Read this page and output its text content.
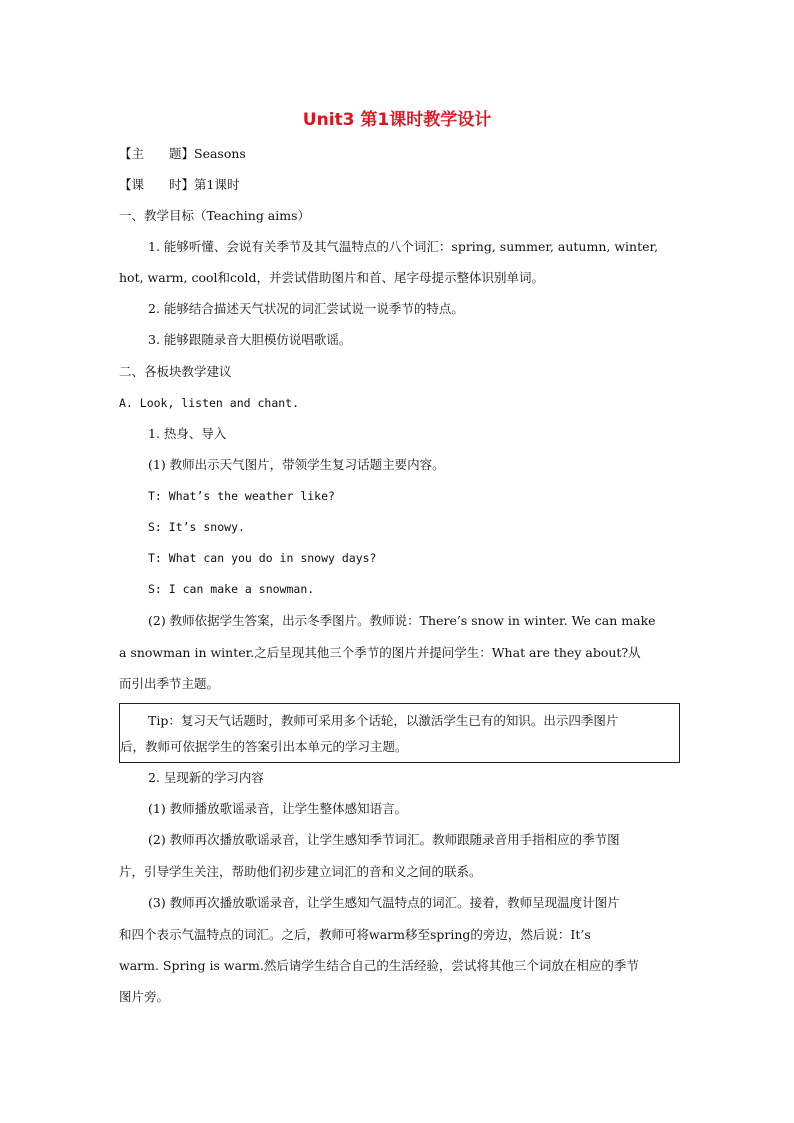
Unit3 第1课时教学设计
【主　　题】Seasons
【课　　时】第1课时
一、教学目标（Teaching aims）
1. 能够听懂、会说有关季节及其气温特点的八个词汇：spring, summer, autumn, winter,
hot, warm, cool和cold，并尝试借助图片和首、尾字母提示整体识别单词。
2. 能够结合描述天气状况的词汇尝试说一说季节的特点。
3. 能够跟随录音大胆模仿说唱歌谣。
二、各板块教学建议
A. Look, listen and chant.
1. 热身、导入
(1) 教师出示天气图片，带领学生复习话题主要内容。
T: What’s the weather like?
S: It’s snowy.
T: What can you do in snowy days?
S: I can make a snowman.
(2) 教师依据学生答案，出示冬季图片。教师说：There’s snow in winter. We can make
a snowman in winter.之后呈现其他三个季节的图片并提问学生：What are they about?从
而引出季节主题。
Tip：复习天气话题时，教师可采用多个话轮，以激活学生已有的知识。出示四季图片
后，教师可依据学生的答案引出本单元的学习主题。
2. 呈现新的学习内容
(1) 教师播放歌谣录音，让学生整体感知语言。
(2) 教师再次播放歌谣录音，让学生感知季节词汇。教师跟随录音用手指相应的季节图
片，引导学生关注，帮助他们初步建立词汇的音和义之间的联系。
(3) 教师再次播放歌谣录音，让学生感知气温特点的词汇。接着，教师呈现温度计图片
和四个表示气温特点的词汇。之后，教师可将warm移至spring的旁边，然后说：It’s
warm. Spring is warm.然后请学生结合自己的生活经验，尝试将其他三个词放在相应的季节
图片旁。
